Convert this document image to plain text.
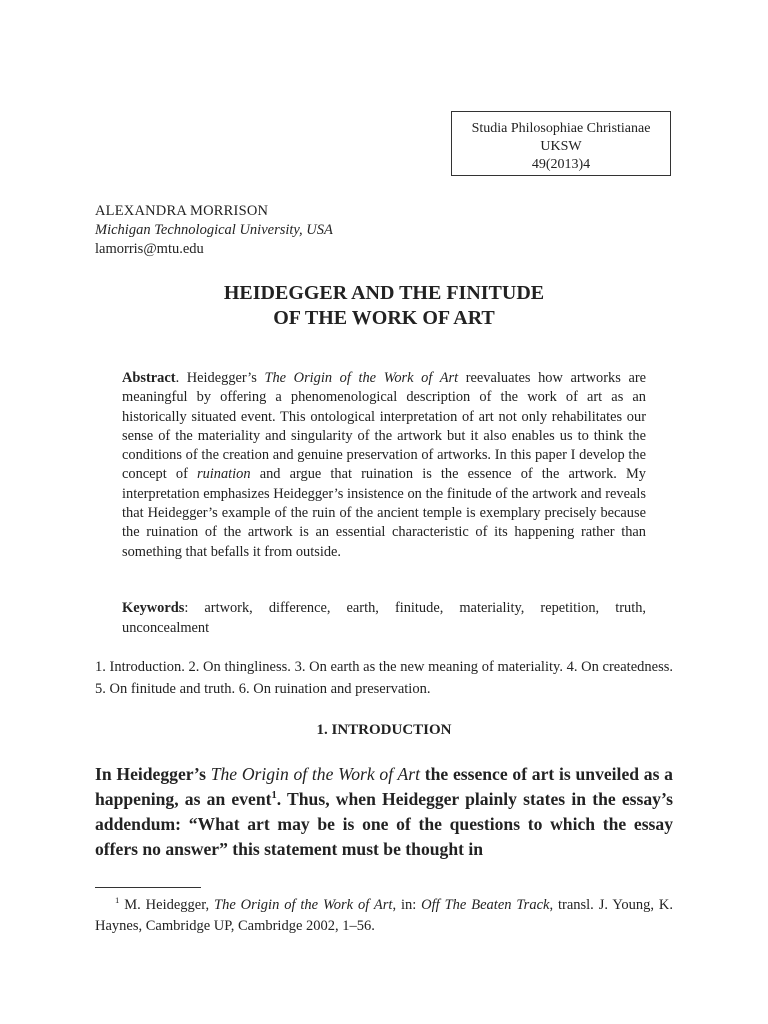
Studia Philosophiae Christianae
UKSW
49(2013)4
ALEXANDRA MORRISON
Michigan Technological University, USA
lamorris@mtu.edu
HEIDEGGER AND THE FINITUDE
OF THE WORK OF ART
Abstract. Heidegger’s The Origin of the Work of Art reevaluates how artworks are meaningful by offering a phenomenological description of the work of art as an historically situated event. This ontological interpretation of art not only rehabilitates our sense of the materiality and singularity of the artwork but it also enables us to think the conditions of the creation and genuine preservation of artworks. In this paper I develop the concept of ruination and argue that ruination is the essence of the artwork. My interpretation emphasizes Heidegger’s insistence on the finitude of the artwork and reveals that Heidegger’s example of the ruin of the ancient temple is exemplary precisely because the ruination of the artwork is an essential characteristic of its happening rather than something that befalls it from outside.
Keywords: artwork, difference, earth, finitude, materiality, repetition, truth, unconcealment
1. Introduction. 2. On thingliness. 3. On earth as the new meaning of materiality. 4. On createdness. 5. On finitude and truth. 6. On ruination and preservation.
1. INTRODUCTION
In Heidegger’s The Origin of the Work of Art the essence of art is unveiled as a happening, as an event$^1$. Thus, when Heidegger plainly states in the essay’s addendum: “What art may be is one of the questions to which the essay offers no answer” this statement must be thought in
$^1$ M. Heidegger, The Origin of the Work of Art, in: Off The Beaten Track, transl. J. Young, K. Haynes, Cambridge UP, Cambridge 2002, 1–56.
